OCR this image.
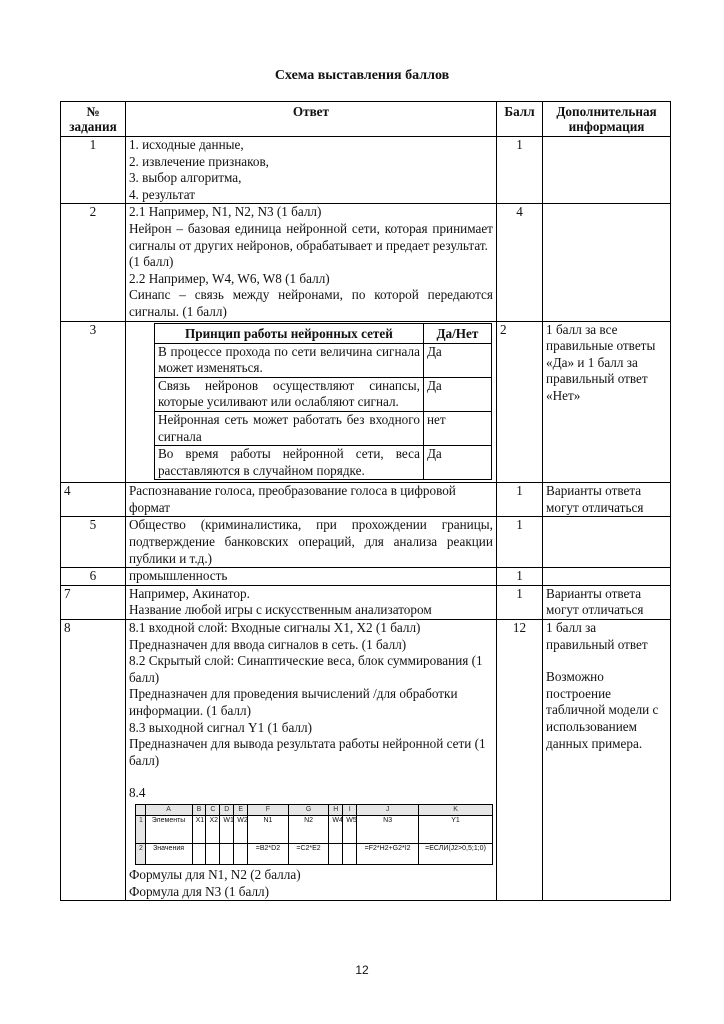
Схема выставления баллов
№ задания	Ответ	Балл	Дополнительная информация
1	1. исходные данные,
2. извлечение признаков,
3. выбор алгоритма,
4. результат
	1	
2	2.1 Например, N1, N2, N3 (1 балл)
Нейрон – базовая единица нейронной сети, которая принимает сигналы от других нейронов, обрабатывает и предает результат.
(1 балл)
2.2 Например, W4, W6, W8 (1 балл)
Синапс – связь между нейронами, по которой передаются сигналы. (1 балл)
	4	
3		Принцип работы нейронных сетей	Да/Нет
В процессе прохода по сети величина сигнала может изменяться.	Да
Связь нейронов осуществляют синапсы, которые усиливают или ослабляют сигнал.	Да
Нейронная сеть может работать без входного сигнала	нет
Во время работы нейронной сети, веса расставляются в случайном порядке.	Да
	2	1 балл за все правильные ответы «Да» и 1 балл за правильный ответ «Нет»
4	Распознавание голоса, преобразование голоса в цифровой формат	1	Варианты ответа могут отличаться
5	Общество (криминалистика, при прохождении границы, подтверждение банковских операций, для анализа реакции публики и т.д.)	1	
6	промышленность	1	
7	Например, Акинатор.
Название любой игры с искусственным анализатором
	1	Варианты ответа могут отличаться
8	8.1 входной слой: Входные сигналы X1, X2 (1 балл)
Предназначен для ввода сигналов в сеть. (1 балл)
8.2 Скрытый слой: Синаптические веса, блок суммирования (1 балл)
Предназначен для проведения вычислений /для обработки информации. (1 балл)
8.3 выходной сигнал Y1 (1 балл)
Предназначен для вывода результата работы нейронной сети (1 балл)
8.4
	A	B	C	D	E	F	G	H	I	J	K
1	Элементы	X1	X2	W1	W2	N1	N2	W4	W5	N3	Y1
2	Значения					=B2*D2	=C2*E2			=F2*H2+G2*I2	=ЕСЛИ(J2>0,5;1;0)
Формулы для N1, N2 (2 балла)
Формула для N3 (1 балл)
	12	1 балл за правильный ответ
Возможно построение табличной модели с использованием данных примера.
12
